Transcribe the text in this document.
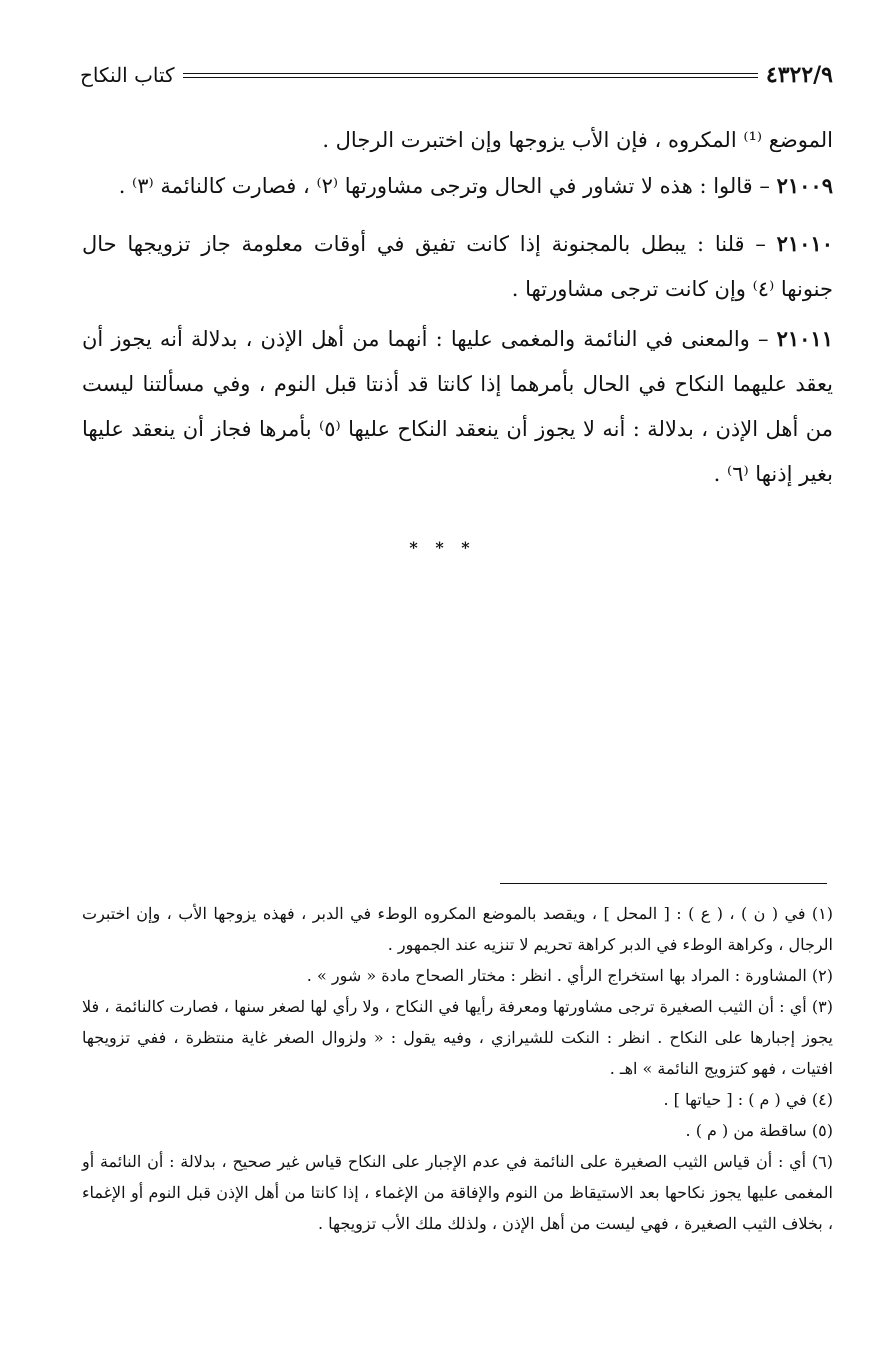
٤٣٢٢/٩
كتاب النكاح

الموضع ⁽¹⁾ المكروه ، فإن الأب يزوجها وإن اختبرت الرجال .

٢١٠٠٩ – قالوا : هذه لا تشاور في الحال وترجى مشاورتها ⁽٢⁾ ، فصارت كالنائمة ⁽٣⁾ .

٢١٠١٠ – قلنا : يبطل بالمجنونة إذا كانت تفيق في أوقات معلومة جاز تزويجها حال جنونها ⁽٤⁾ وإن كانت ترجى مشاورتها .

٢١٠١١ – والمعنى في النائمة والمغمى عليها : أنهما من أهل الإذن ، بدلالة أنه يجوز أن يعقد عليهما النكاح في الحال بأمرهما إذا كانتا قد أذنتا قبل النوم ، وفي مسألتنا ليست من أهل الإذن ، بدلالة : أنه لا يجوز أن ينعقد النكاح عليها ⁽٥⁾ بأمرها فجاز أن ينعقد عليها بغير إذنها ⁽٦⁾ .

* * *

(١) في ( ن ) ، ( ع ) : [ المحل ] ، ويقصد بالموضع المكروه الوطء في الدبر ، فهذه يزوجها الأب ، وإن اختبرت الرجال ، وكراهة الوطء في الدبر كراهة تحريم لا تنزيه عند الجمهور .

(٢) المشاورة : المراد بها استخراج الرأي . انظر : مختار الصحاح مادة « شور » .

(٣) أي : أن الثيب الصغيرة ترجى مشاورتها ومعرفة رأيها في النكاح ، ولا رأي لها لصغر سنها ، فصارت كالنائمة ، فلا يجوز إجبارها على النكاح . انظر : النكت للشيرازي ، وفيه يقول : « ولزوال الصغر غاية منتظرة ، ففي تزويجها افتيات ، فهو كتزويج النائمة » اهـ .

(٤) في ( م ) : [ حياتها ] .

(٥) ساقطة من ( م ) .

(٦) أي : أن قياس الثيب الصغيرة على النائمة في عدم الإجبار على النكاح قياس غير صحيح ، بدلالة : أن النائمة أو المغمى عليها يجوز نكاحها بعد الاستيقاظ من النوم والإفاقة من الإغماء ، إذا كانتا من أهل الإذن قبل النوم أو الإغماء ، بخلاف الثيب الصغيرة ، فهي ليست من أهل الإذن ، ولذلك ملك الأب تزويجها .
